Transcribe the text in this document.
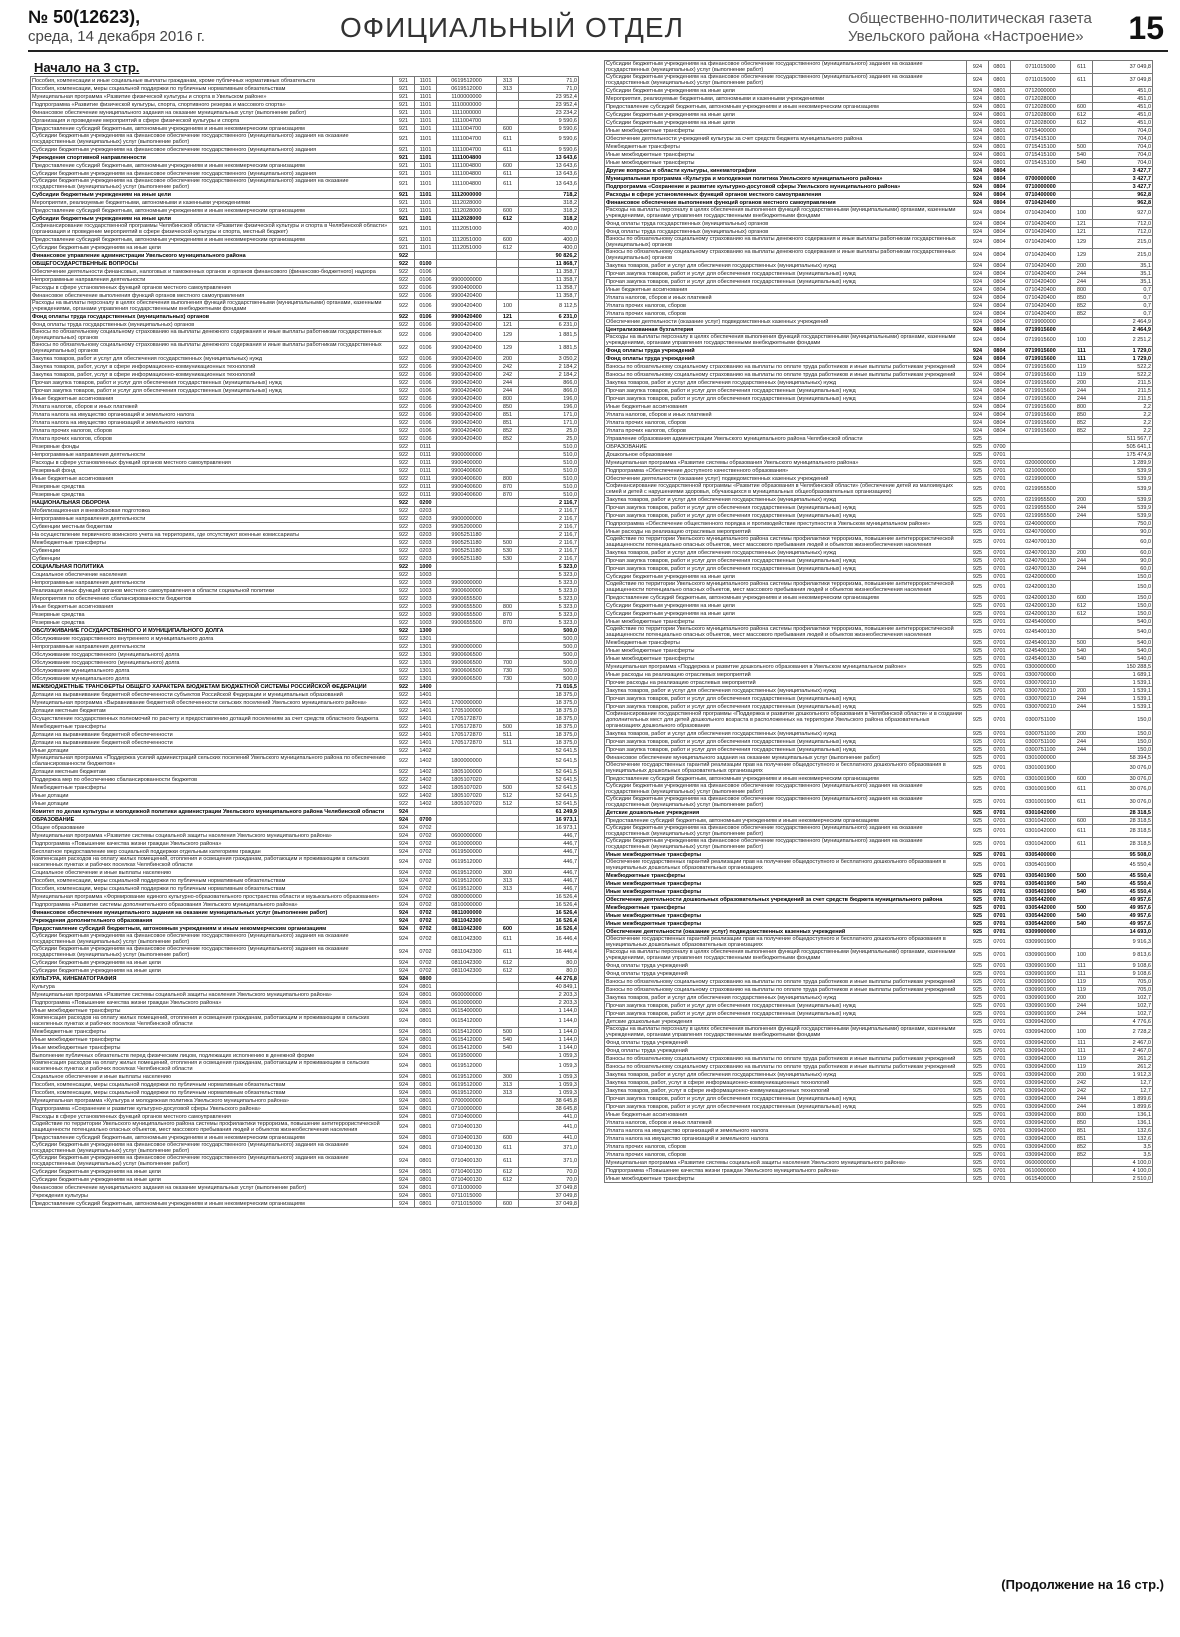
№ 50(12623),
среда, 14 декабря 2016 г.	ОФИЦИАЛЬНЫЙ ОТДЕЛ	Общественно-политическая газета
Увельского района «Настроение» 15
Начало на 3 стр.
Пособия, компенсации и иные социальные выплаты гражданам, кроме публичных нормативных обязательств	921	1101	0619512000	313	71,0
Пособия, компенсации, меры социальной поддержки по публичным нормативным обязательствам	921	1101	0619512000	313	71,0
Муниципальная программа «Развитие физической культуры и спорта в Увельском районе»	921	1101	1100000000		23 952,4
Подпрограмма «Развитие физической культуры, спорта, спортивного резерва и массового спорта»	921	1101	1110000000		23 952,4
Финансовое обеспечение муниципального задания на оказание муниципальных услуг (выполнение работ)	921	1101	1111000000		23 234,2
Организация и проведение мероприятий в сфере физической культуры и спорта	921	1101	1111004700		9 590,6
Предоставление субсидий бюджетным, автономным учреждениям и иным некоммерческим организациям	921	1101	1111004700	600	9 590,6
Субсидии бюджетным учреждениям на финансовое обеспечение государственного (муниципального) задания на оказание государственных (муниципальных) услуг (выполнение работ)	921	1101	1111004700	611	9 590,6
Субсидии бюджетным учреждениям на финансовое обеспечение государственного (муниципального) задания	921	1101	1111004700	611	9 590,6
Учреждения спортивной направленности	921	1101	1111004800		13 643,6
Предоставление субсидий бюджетным, автономным учреждениям и иным некоммерческим организациям	921	1101	1111004800	600	13 643,6
Субсидии бюджетным учреждениям на финансовое обеспечение государственного (муниципального) задания	921	1101	1111004800	611	13 643,6
Субсидии бюджетным учреждениям на финансовое обеспечение государственного (муниципального) задания на оказание государственных (муниципальных) услуг (выполнение работ)	921	1101	1111004800	611	13 643,6
Субсидии бюджетным учреждениям на иные цели	921	1101	1112000000		718,2
Мероприятия, реализуемые бюджетными, автономными и казенными учреждениями	921	1101	1112028000		318,2
Предоставление субсидий бюджетным, автономным учреждениям и иным некоммерческим организациям	921	1101	1112028000	600	318,2
Субсидии бюджетным учреждениям на иные цели	921	1101	1112028000	612	318,2
Софинансирование государственной программы Челябинской области «Развитие физической культуры и спорта в Челябинской области» (организация и проведение мероприятий в сфере физической культуры и спорта, местный бюджет)	921	1101	1112051000		400,0
Предоставление субсидий бюджетным, автономным учреждениям и иным некоммерческим организациям	921	1101	1112051000	600	400,0
Субсидии бюджетным учреждениям на иные цели	921	1101	1112051000	612	400,0
Финансовое управление администрации Увельского муниципального района	922				90 826,2
ОБЩЕГОСУДАРСТВЕННЫЕ ВОПРОСЫ	922	0100			11 868,7
Обеспечение деятельности финансовых, налоговых и таможенных органов и органов финансового (финансово-бюджетного) надзора	922	0106			11 358,7
Непрограммные направления деятельности	922	0106	9900000000		11 358,7
Расходы в сфере установленных функций органов местного самоуправления	922	0106	9900400000		11 358,7
Финансовое обеспечение выполнения функций органов местного самоуправления	922	0106	9900420400		11 358,7
Расходы на выплаты персоналу в целях обеспечения выполнения функций государственными (муниципальными) органами, казенными учреждениями, органами управления государственными внебюджетными фондами	922	0106	9900420400	100	8 112,5
Фонд оплаты труда государственных (муниципальных) органов	922	0106	9900420400	121	6 231,0
Фонд оплаты труда государственных (муниципальных) органов	922	0106	9900420400	121	6 231,0
Взносы по обязательному социальному страхованию на выплаты денежного содержания и иные выплаты работникам государственных (муниципальных) органов	922	0106	9900420400	129	1 881,5
Взносы по обязательному социальному страхованию на выплаты денежного содержания и иные выплаты работникам государственных (муниципальных) органов	922	0106	9900420400	129	1 881,5
Закупка товаров, работ и услуг для обеспечения государственных (муниципальных) нужд	922	0106	9900420400	200	3 050,2
Закупка товаров, работ, услуг в сфере информационно-коммуникационных технологий	922	0106	9900420400	242	2 184,2
Закупка товаров, работ, услуг в сфере информационно-коммуникационных технологий	922	0106	9900420400	242	2 184,2
Прочая закупка товаров, работ и услуг для обеспечения государственных (муниципальных) нужд	922	0106	9900420400	244	866,0
Прочая закупка товаров, работ и услуг для обеспечения государственных (муниципальных) нужд	922	0106	9900420400	244	866,0
Иные бюджетные ассигнования	922	0106	9900420400	800	196,0
Уплата налогов, сборов и иных платежей	922	0106	9900420400	850	196,0
Уплата налога на имущество организаций и земельного налога	922	0106	9900420400	851	171,0
Уплата налога на имущество организаций и земельного налога	922	0106	9900420400	851	171,0
Уплата прочих налогов, сборов	922	0106	9900420400	852	25,0
Уплата прочих налогов, сборов	922	0106	9900420400	852	25,0
Резервные фонды	922	0111			510,0
Непрограммные направления деятельности	922	0111	9900000000		510,0
Расходы в сфере установленных функций органов местного самоуправления	922	0111	9900400000		510,0
Резервный фонд	922	0111	9900400600		510,0
Иные бюджетные ассигнования	922	0111	9900400600	800	510,0
Резервные средства	922	0111	9900400600	870	510,0
Резервные средства	922	0111	9900400600	870	510,0
НАЦИОНАЛЬНАЯ ОБОРОНА	922	0200			2 116,7
Мобилизационная и вневойсковая подготовка	922	0203			2 116,7
Непрограммные направления деятельности	922	0203	9900000000		2 116,7
Субвенции местным бюджетам	922	0203	9905200000		2 116,7
На осуществление первичного воинского учета на территориях, где отсутствуют военные комиссариаты	922	0203	9905251180		2 116,7
Межбюджетные трансферты	922	0203	9905251180	500	2 116,7
Субвенции	922	0203	9905251180	530	2 116,7
Субвенции	922	0203	9905251180	530	2 116,7
СОЦИАЛЬНАЯ ПОЛИТИКА	922	1000			5 323,0
Социальное обеспечение населения	922	1003			5 323,0
Непрограммные направления деятельности	922	1003	9900000000		5 323,0
Реализация иных функций органов местного самоуправления в области социальной политики	922	1003	9900600000		5 323,0
Мероприятия по обеспечению сбалансированности бюджетов	922	1003	9900655500		5 323,0
Иные бюджетные ассигнования	922	1003	9900655500	800	5 323,0
Резервные средства	922	1003	9900655500	870	5 323,0
Резервные средства	922	1003	9900655500	870	5 323,0
ОБСЛУЖИВАНИЕ ГОСУДАРСТВЕННОГО И МУНИЦИПАЛЬНОГО ДОЛГА	922	1300			500,0
Обслуживание государственного внутреннего и муниципального долга	922	1301			500,0
Непрограммные направления деятельности	922	1301	9900000000		500,0
Обслуживание государственного (муниципального) долга	922	1301	9900606500		500,0
Обслуживание государственного (муниципального) долга	922	1301	9900606500	700	500,0
Обслуживание муниципального долга	922	1301	9900606500	730	500,0
Обслуживание муниципального долга	922	1301	9900606500	730	500,0
МЕЖБЮДЖЕТНЫЕ ТРАНСФЕРТЫ ОБЩЕГО ХАРАКТЕРА БЮДЖЕТАМ БЮДЖЕТНОЙ СИСТЕМЫ РОССИЙСКОЙ ФЕДЕРАЦИИ	922	1400			71 016,5
Дотации на выравнивание бюджетной обеспеченности субъектов Российской Федерации и муниципальных образований	922	1401			18 375,0
Муниципальная программа «Выравнивание бюджетной обеспеченности сельских поселений Увельского муниципального района»	922	1401	1700000000		18 375,0
Дотации местным бюджетам	922	1401	1705100000		18 375,0
Осуществление государственных полномочий по расчету и предоставлению дотаций поселениям за счет средств областного бюджета	922	1401	1705172870		18 375,0
Межбюджетные трансферты	922	1401	1705172870	500	18 375,0
Дотации на выравнивание бюджетной обеспеченности	922	1401	1705172870	511	18 375,0
Дотации на выравнивание бюджетной обеспеченности	922	1401	1705172870	511	18 375,0
Иные дотации	922	1402			52 641,5
Муниципальная программа «Поддержка усилий администраций сельских поселений Увельского муниципального района по обеспечению сбалансированности бюджетов»	922	1402	1800000000		52 641,5
Дотации местным бюджетам	922	1402	1805100000		52 641,5
Поддержка мер по обеспечению сбалансированности бюджетов	922	1402	1805107020		52 641,5
Межбюджетные трансферты	922	1402	1805107020	500	52 641,5
Иные дотации	922	1402	1805107020	512	52 641,5
Иные дотации	922	1402	1805107020	512	52 641,5
Комитет по делам культуры и молодежной политики администрации Увельского муниципального района Челябинской области	924				61 249,9
ОБРАЗОВАНИЕ	924	0700			16 973,1
Общее образование	924	0702			16 973,1
Муниципальная программа «Развитие системы социальной защиты населения Увельского муниципального района»	924	0702	0600000000		446,7
Подпрограмма «Повышение качества жизни граждан Увельского района»	924	0702	0610000000		446,7
Бесплатное предоставление мер социальной поддержки отдельным категориям граждан	924	0702	0619500000		446,7
Компенсация расходов на оплату жилых помещений, отопления и освещения гражданам, работающим и проживающим в сельских населенных пунктах и рабочих поселках Челябинской области	924	0702	0619512000		446,7
Социальное обеспечение и иные выплаты населению	924	0702	0619512000	300	446,7
Пособия, компенсации, меры социальной поддержки по публичным нормативным обязательствам	924	0702	0619512000	313	446,7
Пособия, компенсации, меры социальной поддержки по публичным нормативным обязательствам	924	0702	0619512000	313	446,7
Муниципальная программа «Формирование единого культурно-образовательного пространства области и музыкального образования»	924	0702	0800000000		16 526,4
Подпрограмма «Развитие системы дополнительного образования Увельского муниципального района»	924	0702	0810000000		16 526,4
Финансовое обеспечение муниципального задания на оказание муниципальных услуг (выполнение работ)	924	0702	0811000000		16 526,4
Учреждения дополнительного образования	924	0702	0811042300		16 526,4
Предоставление субсидий бюджетным, автономным учреждениям и иным некоммерческим организациям	924	0702	0811042300	600	16 526,4
Субсидии бюджетным учреждениям на финансовое обеспечение государственного (муниципального) задания на оказание государственных (муниципальных) услуг (выполнение работ)	924	0702	0811042300	611	16 446,4
Субсидии бюджетным учреждениям на финансовое обеспечение государственного (муниципального) задания на оказание государственных (муниципальных) услуг (выполнение работ)	924	0702	0811042300	611	16 446,4
Субсидии бюджетным учреждениям на иные цели	924	0702	0811042300	612	80,0
Субсидии бюджетным учреждениям на иные цели	924	0702	0811042300	612	80,0
КУЛЬТУРА, КИНЕМАТОГРАФИЯ	924	0800			44 276,8
Культура	924	0801			40 849,1
Муниципальная программа «Развитие системы социальной защиты населения Увельского муниципального района»	924	0801	0600000000		2 203,3
Подпрограмма «Повышение качества жизни граждан Увельского района»	924	0801	0610000000		2 203,3
Иные межбюджетные трансферты	924	0801	0615400000		1 144,0
Компенсация расходов на оплату жилых помещений, отопления и освещения гражданам, работающим и проживающим в сельских населенных пунктах и рабочих поселках Челябинской области	924	0801	0615412000		1 144,0
Межбюджетные трансферты	924	0801	0615412000	500	1 144,0
Иные межбюджетные трансферты	924	0801	0615412000	540	1 144,0
Иные межбюджетные трансферты	924	0801	0615412000	540	1 144,0
Выполнение публичных обязательств перед физическим лицом, подлежащих исполнению в денежной форме	924	0801	0619500000		1 059,3
Компенсация расходов на оплату жилых помещений, отопления и освещения гражданам, работающим и проживающим в сельских населенных пунктах и рабочих поселках Челябинской области	924	0801	0619512000		1 059,3
Социальное обеспечение и иные выплаты населению	924	0801	0619512000	300	1 059,3
Пособия, компенсации, меры социальной поддержки по публичным нормативным обязательствам	924	0801	0619512000	313	1 059,3
Пособия, компенсации, меры социальной поддержки по публичным нормативным обязательствам	924	0801	0619512000	313	1 059,3
Муниципальная программа «Культура и молодежная политика Увельского муниципального района»	924	0801	0700000000		38 645,8
Подпрограмма «Сохранение и развитие культурно-досуговой сферы Увельского района»	924	0801	0710000000		38 645,8
Расходы в сфере установленных функций органов местного самоуправления	924	0801	0710400000		441,0
Содействие по территории Увельского муниципального района системы профилактики терроризма, повышение антитеррористической защищенности потенциально опасных объектов, мест массового пребывания людей и объектов жизнеобеспечения населения	924	0801	0710400130		441,0
Предоставление субсидий бюджетным, автономным учреждениям и иным некоммерческим организациям	924	0801	0710400130	600	441,0
Субсидии бюджетным учреждениям на финансовое обеспечение государственного (муниципального) задания на оказание государственных (муниципальных) услуг (выполнение работ)	924	0801	0710400130	611	371,0
Субсидии бюджетным учреждениям на финансовое обеспечение государственного (муниципального) задания на оказание государственных (муниципальных) услуг (выполнение работ)	924	0801	0710400130	611	371,0
Субсидии бюджетным учреждениям на иные цели	924	0801	0710400130	612	70,0
Субсидии бюджетным учреждениям на иные цели	924	0801	0710400130	612	70,0
Финансовое обеспечение муниципального задания на оказание муниципальных услуг (выполнение работ)	924	0801	0711000000		37 049,8
Учреждения культуры	924	0801	0711015000		37 049,8
Предоставление субсидий бюджетным, автономным учреждениям и иным некоммерческим организациям	924	0801	0711015000	600	37 049,8
Субсидии бюджетным учреждениям на финансовое обеспечение государственного (муниципального) задания на оказание государственных (муниципальных) услуг (выполнение работ)	924	0801	0711015000	611	37 049,8
Субсидии бюджетным учреждениям на финансовое обеспечение государственного (муниципального) задания на оказание государственных (муниципальных) услуг (выполнение работ)	924	0801	0711015000	611	37 049,8
Субсидии бюджетным учреждениям на иные цели	924	0801	0712000000		451,0
Мероприятия, реализуемые бюджетными, автономными и казенными учреждениями	924	0801	0712028000		451,0
Предоставление субсидий бюджетным, автономным учреждениям и иным некоммерческим организациям	924	0801	0712028000	600	451,0
Субсидии бюджетным учреждениям на иные цели	924	0801	0712028000	612	451,0
Субсидии бюджетным учреждениям на иные цели	924	0801	0712028000	612	451,0
Иные межбюджетные трансферты	924	0801	0715400000		704,0
Обеспечение деятельности учреждений культуры за счет средств бюджета муниципального района	924	0801	0715415100		704,0
Межбюджетные трансферты	924	0801	0715415100	500	704,0
Иные межбюджетные трансферты	924	0801	0715415100	540	704,0
Иные межбюджетные трансферты	924	0801	0715415100	540	704,0
Другие вопросы в области культуры, кинематографии	924	0804			3 427,7
Муниципальная программа «Культура и молодежная политика Увельского муниципального района»	924	0804	0700000000		3 427,7
Подпрограмма «Сохранение и развитие культурно-досуговой сферы Увельского муниципального района»	924	0804	0710000000		3 427,7
Расходы в сфере установленных функций органов местного самоуправления	924	0804	0710400000		962,8
Финансовое обеспечение выполнения функций органов местного самоуправления	924	0804	0710420400		962,8
Расходы на выплаты персоналу в целях обеспечения выполнения функций государственными (муниципальными) органами, казенными учреждениями, органами управления государственными внебюджетными фондами	924	0804	0710420400	100	927,0
Фонд оплаты труда государственных (муниципальных) органов	924	0804	0710420400	121	712,0
Фонд оплаты труда государственных (муниципальных) органов	924	0804	0710420400	121	712,0
Взносы по обязательному социальному страхованию на выплаты денежного содержания и иные выплаты работникам государственных (муниципальных) органов	924	0804	0710420400	129	215,0
Взносы по обязательному социальному страхованию на выплаты денежного содержания и иные выплаты работникам государственных (муниципальных) органов	924	0804	0710420400	129	215,0
Закупка товаров, работ и услуг для обеспечения государственных (муниципальных) нужд	924	0804	0710420400	200	35,1
Прочая закупка товаров, работ и услуг для обеспечения государственных (муниципальных) нужд	924	0804	0710420400	244	35,1
Прочая закупка товаров, работ и услуг для обеспечения государственных (муниципальных) нужд	924	0804	0710420400	244	35,1
Иные бюджетные ассигнования	924	0804	0710420400	800	0,7
Уплата налогов, сборов и иных платежей	924	0804	0710420400	850	0,7
Уплата прочих налогов, сборов	924	0804	0710420400	852	0,7
Уплата прочих налогов, сборов	924	0804	0710420400	852	0,7
Обеспечение деятельности (оказание услуг) подведомственных казенных учреждений	924	0804	0719900000		2 464,9
Централизованная бухгалтерия	924	0804	0719915600		2 464,9
Расходы на выплаты персоналу в целях обеспечения выполнения функций государственными (муниципальными) органами, казенными учреждениями, органами управления государственными внебюджетными фондами	924	0804	0719915600	100	2 251,2
Фонд оплаты труда учреждений	924	0804	0719915600	111	1 729,0
Фонд оплаты труда учреждений	924	0804	0719915600	111	1 729,0
Взносы по обязательному социальному страхованию на выплаты по оплате труда работников и иные выплаты работникам учреждений	924	0804	0719915600	119	522,2
Взносы по обязательному социальному страхованию на выплаты по оплате труда работников и иные выплаты работникам учреждений	924	0804	0719915600	119	522,2
Закупка товаров, работ и услуг для обеспечения государственных (муниципальных) нужд	924	0804	0719915600	200	211,5
Прочая закупка товаров, работ и услуг для обеспечения государственных (муниципальных) нужд	924	0804	0719915600	244	211,5
Прочая закупка товаров, работ и услуг для обеспечения государственных (муниципальных) нужд	924	0804	0719915600	244	211,5
Иные бюджетные ассигнования	924	0804	0719915600	800	2,2
Уплата налогов, сборов и иных платежей	924	0804	0719915600	850	2,2
Уплата прочих налогов, сборов	924	0804	0719915600	852	2,2
Уплата прочих налогов, сборов	924	0804	0719915600	852	2,2
Управление образования администрации Увельского муниципального района Челябинской области	925				511 567,7
ОБРАЗОВАНИЕ	925	0700			505 641,1
Дошкольное образование	925	0701			175 474,9
Муниципальная программа «Развитие системы образования Увельского муниципального района»	925	0701	0200000000		1 289,9
Подпрограмма «Обеспечение доступного качественного образования»	925	0701	0210000000		539,9
Обеспечение деятельности (оказание услуг) подведомственных казенных учреждений	925	0701	0219900000		539,9
Софинансирование государственной программы «Развитие образования в Челябинской области» (обеспечение детей из малоимущих семей и детей с нарушениями здоровья, обучающихся в муниципальных общеобразовательных организациях)	925	0701	0219955500		539,9
Закупка товаров, работ и услуг для обеспечения государственных (муниципальных) нужд	925	0701	0219955500	200	539,9
Прочая закупка товаров, работ и услуг для обеспечения государственных (муниципальных) нужд	925	0701	0219955500	244	539,9
Прочая закупка товаров, работ и услуг для обеспечения государственных (муниципальных) нужд	925	0701	0219955500	244	539,9
Подпрограмма «Обеспечение общественного порядка и противодействие преступности в Увельском муниципальном районе»	925	0701	0240000000		750,0
Иные расходы на реализацию отраслевых мероприятий	925	0701	0240700000		90,0
Содействие по территории Увельского муниципального района системы профилактики терроризма, повышение антитеррористической защищенности потенциально опасных объектов, мест массового пребывания людей и объектов жизнеобеспечения населения	925	0701	0240700130		60,0
Закупка товаров, работ и услуг для обеспечения государственных (муниципальных) нужд	925	0701	0240700130	200	60,0
Прочая закупка товаров, работ и услуг для обеспечения государственных (муниципальных) нужд	925	0701	0240700130	244	90,0
Прочая закупка товаров, работ и услуг для обеспечения государственных (муниципальных) нужд	925	0701	0240700130	244	60,0
Субсидии бюджетным учреждениям на иные цели	925	0701	0242000000		150,0
Содействие по территории Увельского муниципального района системы профилактики терроризма, повышение антитеррористической защищенности потенциально опасных объектов, мест массового пребывания людей и объектов жизнеобеспечения населения	925	0701	0242000130		150,0
Предоставление субсидий бюджетным, автономным учреждениям и иным некоммерческим организациям	925	0701	0242000130	600	150,0
Субсидии бюджетным учреждениям на иные цели	925	0701	0242000130	612	150,0
Субсидии бюджетным учреждениям на иные цели	925	0701	0242000130	612	150,0
Иные межбюджетные трансферты	925	0701	0245400000		540,0
Содействие по территории Увельского муниципального района системы профилактики терроризма, повышение антитеррористической защищенности потенциально опасных объектов, мест массового пребывания людей и объектов жизнеобеспечения населения	925	0701	0245400130		540,0
Межбюджетные трансферты	925	0701	0245400130	500	540,0
Иные межбюджетные трансферты	925	0701	0245400130	540	540,0
Иные межбюджетные трансферты	925	0701	0245400130	540	540,0
Муниципальная программа «Поддержка и развитие дошкольного образования в Увельском муниципальном районе»	925	0701	0300000000		150 288,5
Иные расходы на реализацию отраслевых мероприятий	925	0701	0300700000		1 689,1
Прочие расходы на реализацию отраслевых мероприятий	925	0701	0300700210		1 539,1
Закупка товаров, работ и услуг для обеспечения государственных (муниципальных) нужд	925	0701	0300700210	200	1 539,1
Прочая закупка товаров, работ и услуг для обеспечения государственных (муниципальных) нужд	925	0701	0300700210	244	1 539,1
Прочая закупка товаров, работ и услуг для обеспечения государственных (муниципальных) нужд	925	0701	0300700210	244	1 539,1
Софинансирование государственной программы «Поддержка и развитие дошкольного образования в Челябинской области» и в создании дополнительных мест для детей дошкольного возраста в расположенных на территории Увельского района образовательных организациях дошкольного образования	925	0701	0300751100		150,0
Закупка товаров, работ и услуг для обеспечения государственных (муниципальных) нужд	925	0701	0300751100	200	150,0
Прочая закупка товаров, работ и услуг для обеспечения государственных (муниципальных) нужд	925	0701	0300751100	244	150,0
Прочая закупка товаров, работ и услуг для обеспечения государственных (муниципальных) нужд	925	0701	0300751100	244	150,0
Финансовое обеспечение муниципального задания на оказание муниципальных услуг (выполнение работ)	925	0701	0301000000		58 394,5
Обеспечение государственных гарантий реализации прав на получение общедоступного и бесплатного дошкольного образования в муниципальных дошкольных образовательных организациях	925	0701	0301001900		30 076,0
Предоставление субсидий бюджетным, автономным учреждениям и иным некоммерческим организациям	925	0701	0301001900	600	30 076,0
Субсидии бюджетным учреждениям на финансовое обеспечение государственного (муниципального) задания на оказание государственных (муниципальных) услуг (выполнение работ)	925	0701	0301001900	611	30 076,0
Субсидии бюджетным учреждениям на финансовое обеспечение государственного (муниципального) задания на оказание государственных (муниципальных) услуг (выполнение работ)	925	0701	0301001900	611	30 076,0
Детские дошкольные учреждения	925	0701	0301042000		28 318,5
Предоставление субсидий бюджетным, автономным учреждениям и иным некоммерческим организациям	925	0701	0301042000	600	28 318,5
Субсидии бюджетным учреждениям на финансовое обеспечение государственного (муниципального) задания на оказание государственных (муниципальных) услуг (выполнение работ)	925	0701	0301042000	611	28 318,5
Субсидии бюджетным учреждениям на финансовое обеспечение государственного (муниципального) задания на оказание государственных (муниципальных) услуг (выполнение работ)	925	0701	0301042000	611	28 318,5
Иные межбюджетные трансферты	925	0701	0305400000		95 508,0
Обеспечение государственных гарантий реализации прав на получение общедоступного и бесплатного дошкольного образования в муниципальных дошкольных образовательных организациях	925	0701	0305401900		45 550,4
Межбюджетные трансферты	925	0701	0305401900	500	45 550,4
Иные межбюджетные трансферты	925	0701	0305401900	540	45 550,4
Иные межбюджетные трансферты	925	0701	0305401900	540	45 550,4
Обеспечение деятельности дошкольных образовательных учреждений за счет средств бюджета муниципального района	925	0701	0305442000		49 957,6
Межбюджетные трансферты	925	0701	0305442000	500	49 957,6
Иные межбюджетные трансферты	925	0701	0305442000	540	49 957,6
Иные межбюджетные трансферты	925	0701	0305442000	540	49 957,6
Обеспечение деятельности (оказание услуг) подведомственных казенных учреждений	925	0701	0309900000		14 693,0
Обеспечение государственных гарантий реализации прав на получение общедоступного и бесплатного дошкольного образования в муниципальных дошкольных образовательных организациях	925	0701	0309901900		9 916,3
Расходы на выплаты персоналу в целях обеспечения выполнения функций государственными (муниципальными) органами, казенными учреждениями, органами управления государственными внебюджетными фондами	925	0701	0309901900	100	9 813,6
Фонд оплаты труда учреждений	925	0701	0309901900	111	9 108,6
Фонд оплаты труда учреждений	925	0701	0309901900	111	9 108,6
Взносы по обязательному социальному страхованию на выплаты по оплате труда работников и иные выплаты работникам учреждений	925	0701	0309901900	119	705,0
Взносы по обязательному социальному страхованию на выплаты по оплате труда работников и иные выплаты работникам учреждений	925	0701	0309901900	119	705,0
Закупка товаров, работ и услуг для обеспечения государственных (муниципальных) нужд	925	0701	0309901900	200	102,7
Прочая закупка товаров, работ и услуг для обеспечения государственных (муниципальных) нужд	925	0701	0309901900	244	102,7
Прочая закупка товаров, работ и услуг для обеспечения государственных (муниципальных) нужд	925	0701	0309901900	244	102,7
Детские дошкольные учреждения	925	0701	0309942000		4 776,6
Расходы на выплаты персоналу в целях обеспечения выполнения функций государственными (муниципальными) органами, казенными учреждениями, органами управления государственными внебюджетными фондами	925	0701	0309942000	100	2 728,2
Фонд оплаты труда учреждений	925	0701	0309942000	111	2 467,0
Фонд оплаты труда учреждений	925	0701	0309942000	111	2 467,0
Взносы по обязательному социальному страхованию на выплаты по оплате труда работников и иные выплаты работникам учреждений	925	0701	0309942000	119	261,2
Взносы по обязательному социальному страхованию на выплаты по оплате труда работников и иные выплаты работникам учреждений	925	0701	0309942000	119	261,2
Закупка товаров, работ и услуг для обеспечения государственных (муниципальных) нужд	925	0701	0309942000	200	1 912,3
Закупка товаров, работ, услуг в сфере информационно-коммуникационных технологий	925	0701	0309942000	242	12,7
Закупка товаров, работ, услуг в сфере информационно-коммуникационных технологий	925	0701	0309942000	242	12,7
Прочая закупка товаров, работ и услуг для обеспечения государственных (муниципальных) нужд	925	0701	0309942000	244	1 899,6
Прочая закупка товаров, работ и услуг для обеспечения государственных (муниципальных) нужд	925	0701	0309942000	244	1 899,6
Иные бюджетные ассигнования	925	0701	0309942000	800	136,1
Уплата налогов, сборов и иных платежей	925	0701	0309942000	850	136,1
Уплата налога на имущество организаций и земельного налога	925	0701	0309942000	851	132,6
Уплата налога на имущество организаций и земельного налога	925	0701	0309942000	851	132,6
Уплата прочих налогов, сборов	925	0701	0309942000	852	3,5
Уплата прочих налогов, сборов	925	0701	0309942000	852	3,5
Муниципальная программа «Развитие системы социальной защиты населения Увельского муниципального района»	925	0701	0600000000		4 100,0
Подпрограмма «Повышение качества жизни граждан Увельского муниципального района»	925	0701	0610000000		4 100,0
Иные межбюджетные трансферты	925	0701	0615400000		2 510,0
(Продолжение на 16 стр.)
